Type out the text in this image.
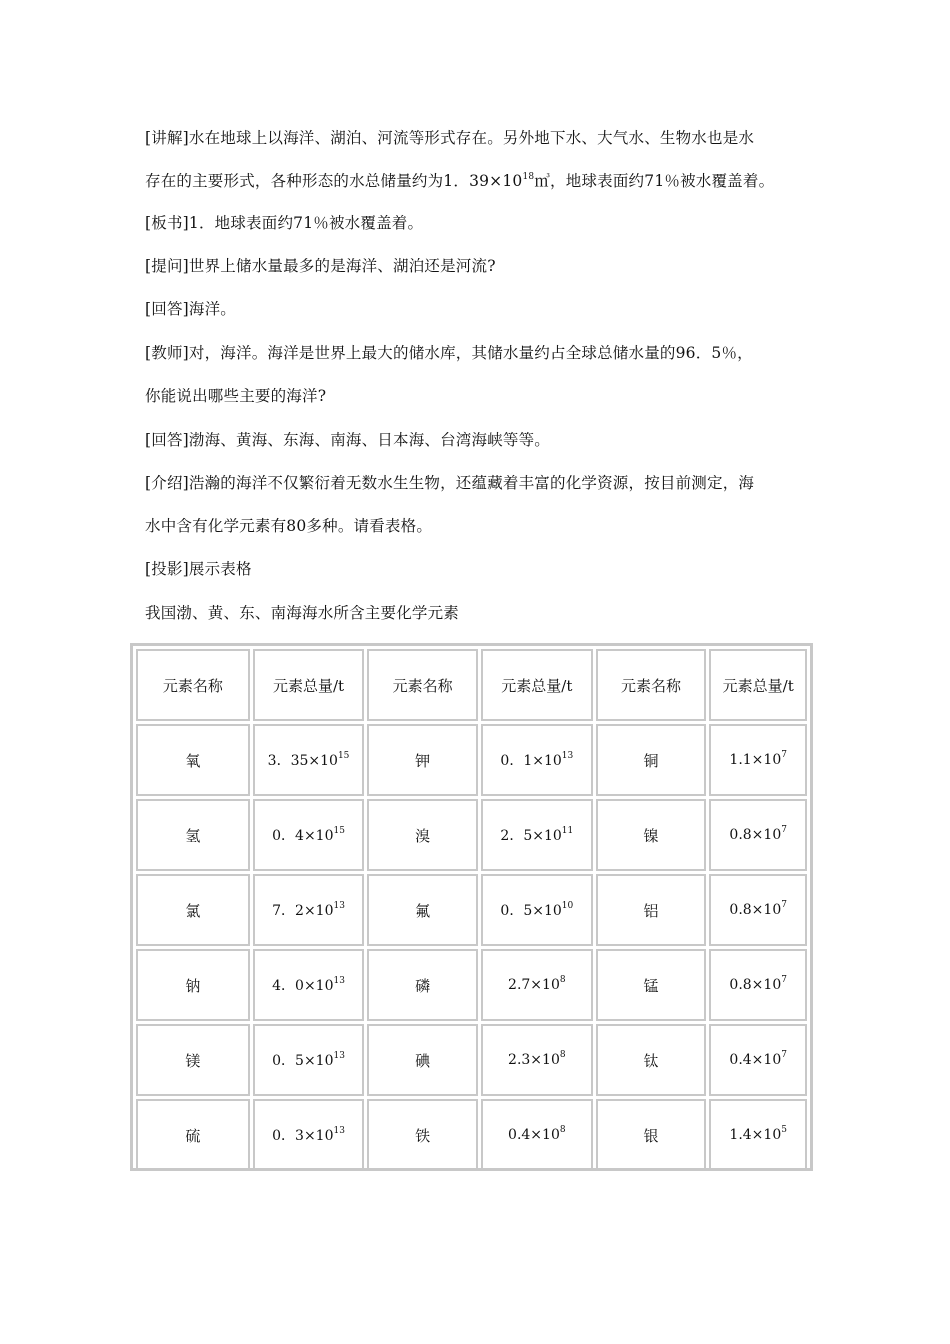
[讲解]水在地球上以海洋、湖泊、河流等形式存在。另外地下水、大气水、生物水也是水
存在的主要形式，各种形态的水总储量约为1．$39\times 10^{18}㎥$，地球表面约71％被水覆盖着。
[板书]1．地球表面约71％被水覆盖着。
[提问]世界上储水量最多的是海洋、湖泊还是河流?
[回答]海洋。
[教师]对，海洋。海洋是世界上最大的储水库，其储水量约占全球总储水量的96．5％，
你能说出哪些主要的海洋?
[回答]渤海、黄海、东海、南海、日本海、台湾海峡等等。
[介绍]浩瀚的海洋不仅繁衍着无数水生生物，还蕴藏着丰富的化学资源，按目前测定，海
水中含有化学元素有80多种。请看表格。
[投影]展示表格
我国渤、黄、东、南海海水所含主要化学元素
元素名称	元素总量/t	元素名称	元素总量/t	元素名称	元素总量/t
氧	3．$35\times 10^{15}$	钾	0．$1\times 10^{13}$	铜	$1.1\times 10^7$
氢	0．$4\times 10^{15}$	溴	2．$5\times 10^{11}$	镍	$0.8\times 10^7$
氯	7．$2\times 10^{13}$	氟	0．$5\times 10^{10}$	铝	$0.8\times 10^7$
钠	4．$0\times 10^{13}$	磷	$2.7\times 10^8$	锰	$0.8\times 10^7$
镁	0．$5\times 10^{13}$	碘	$2.3\times 10^8$	钛	$0.4\times 10^7$
硫	0．$3\times 10^{13}$	铁	$0.4\times 10^8$	银	$1.4\times 10^5$
